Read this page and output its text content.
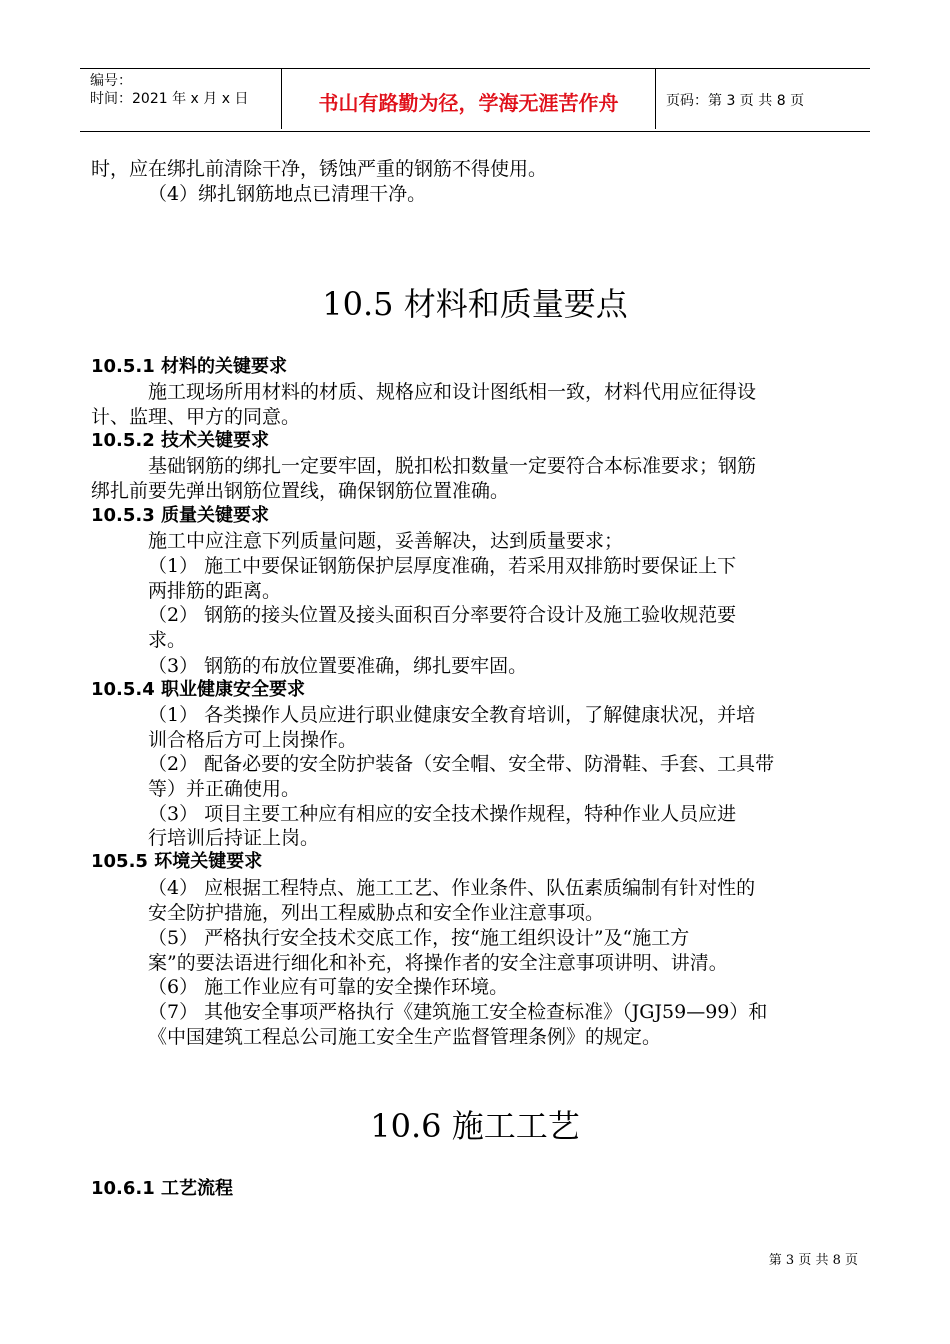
编号：
时间：2021 年 x 月 x 日	书山有路勤为径，学海无涯苦作舟	页码：第 3 页 共 8 页
时，应在绑扎前清除干净，锈蚀严重的钢筋不得使用。
（4）绑扎钢筋地点已清理干净。
10.5 材料和质量要点
10.5.1 材料的关键要求
施工现场所用材料的材质、规格应和设计图纸相一致，材料代用应征得设
计、监理、甲方的同意。
10.5.2 技术关键要求
基础钢筋的绑扎一定要牢固，脱扣松扣数量一定要符合本标准要求；钢筋
绑扎前要先弹出钢筋位置线，确保钢筋位置准确。
10.5.3 质量关键要求
施工中应注意下列质量问题，妥善解决，达到质量要求；
（1） 施工中要保证钢筋保护层厚度准确，若采用双排筋时要保证上下
两排筋的距离。
（2） 钢筋的接头位置及接头面积百分率要符合设计及施工验收规范要
求。
（3） 钢筋的布放位置要准确，绑扎要牢固。
10.5.4 职业健康安全要求
（1） 各类操作人员应进行职业健康安全教育培训，了解健康状况，并培
训合格后方可上岗操作。
（2） 配备必要的安全防护装备（安全帽、安全带、防滑鞋、手套、工具带
等）并正确使用。
（3） 项目主要工种应有相应的安全技术操作规程，特种作业人员应进
行培训后持证上岗。
105.5 环境关键要求
（4） 应根据工程特点、施工工艺、作业条件、队伍素质编制有针对性的
安全防护措施，列出工程威胁点和安全作业注意事项。
（5） 严格执行安全技术交底工作，按“施工组织设计”及“施工方
案”的要法语进行细化和补充，将操作者的安全注意事项讲明、讲清。
（6） 施工作业应有可靠的安全操作环境。
（7） 其他安全事项严格执行《建筑施工安全检查标准》（JGJ59—99）和
《中国建筑工程总公司施工安全生产监督管理条例》的规定。
10.6 施工工艺
10.6.1 工艺流程
第 3 页 共 8 页
